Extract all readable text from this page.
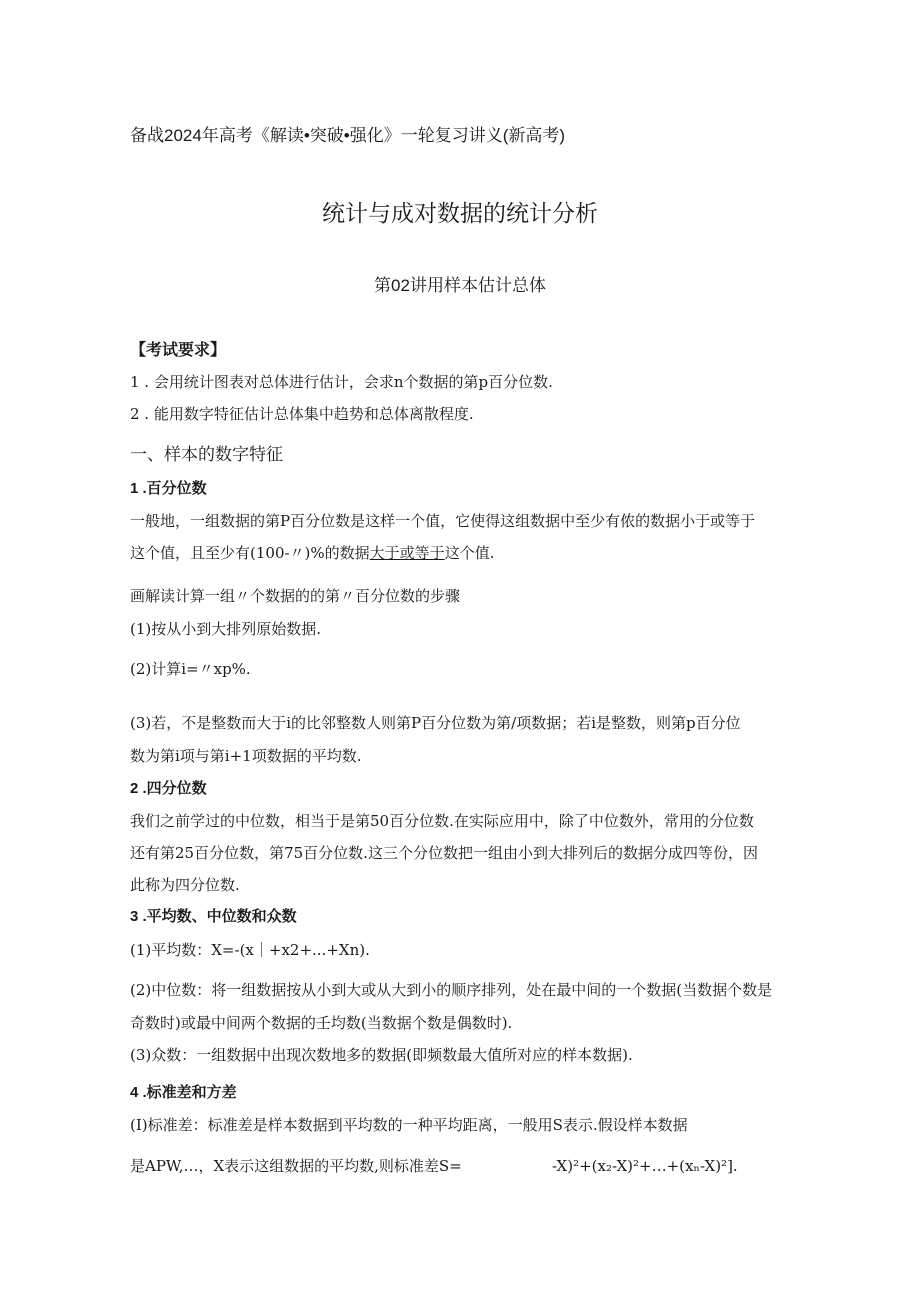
备战2024年高考《解读•突破•强化》一轮复习讲义(新高考)
统计与成对数据的统计分析
第02讲用样本估计总体
【考试要求】
1 . 会用统计图表对总体进行估计，会求n个数据的第p百分位数.
2 . 能用数字特征估计总体集中趋势和总体离散程度.
一、样本的数字特征
1 .百分位数
一般地，一组数据的第P百分位数是这样一个值，它使得这组数据中至少有侬的数据小于或等于
这个值，且至少有(100-〃)%的数据大于或等于这个值.
画解读计算一组〃个数据的的第〃百分位数的步骤
(1)按从小到大排列原始数据.
(2)计算i=〃xp%.
(3)若，不是整数而大于i的比邻整数人则第P百分位数为第/项数据；若i是整数，则第p百分位
数为第i项与第i+1项数据的平均数.
2 .四分位数
我们之前学过的中位数，相当于是第50百分位数.在实际应用中，除了中位数外，常用的分位数
还有第25百分位数，第75百分位数.这三个分位数把一组由小到大排列后的数据分成四等份，因
此称为四分位数.
3 .平均数、中位数和众数
(1)平均数：X=-(x｜+x2+...+Xn).
(2)中位数：将一组数据按从小到大或从大到小的顺序排列，处在最中间的一个数据(当数据个数是
奇数时)或最中间两个数据的壬均数(当数据个数是偶数时).
(3)众数：一组数据中出现次数地多的数据(即频数最大值所对应的样本数据).
4 .标准差和方差
(I)标准差：标准差是样本数据到平均数的一种平均距离，一般用S表示.假设样本数据
是APW,…，X表示这组数据的平均数,则标准差S=	-X)²+(x₂-X)²+…+(xₙ-X)²].
